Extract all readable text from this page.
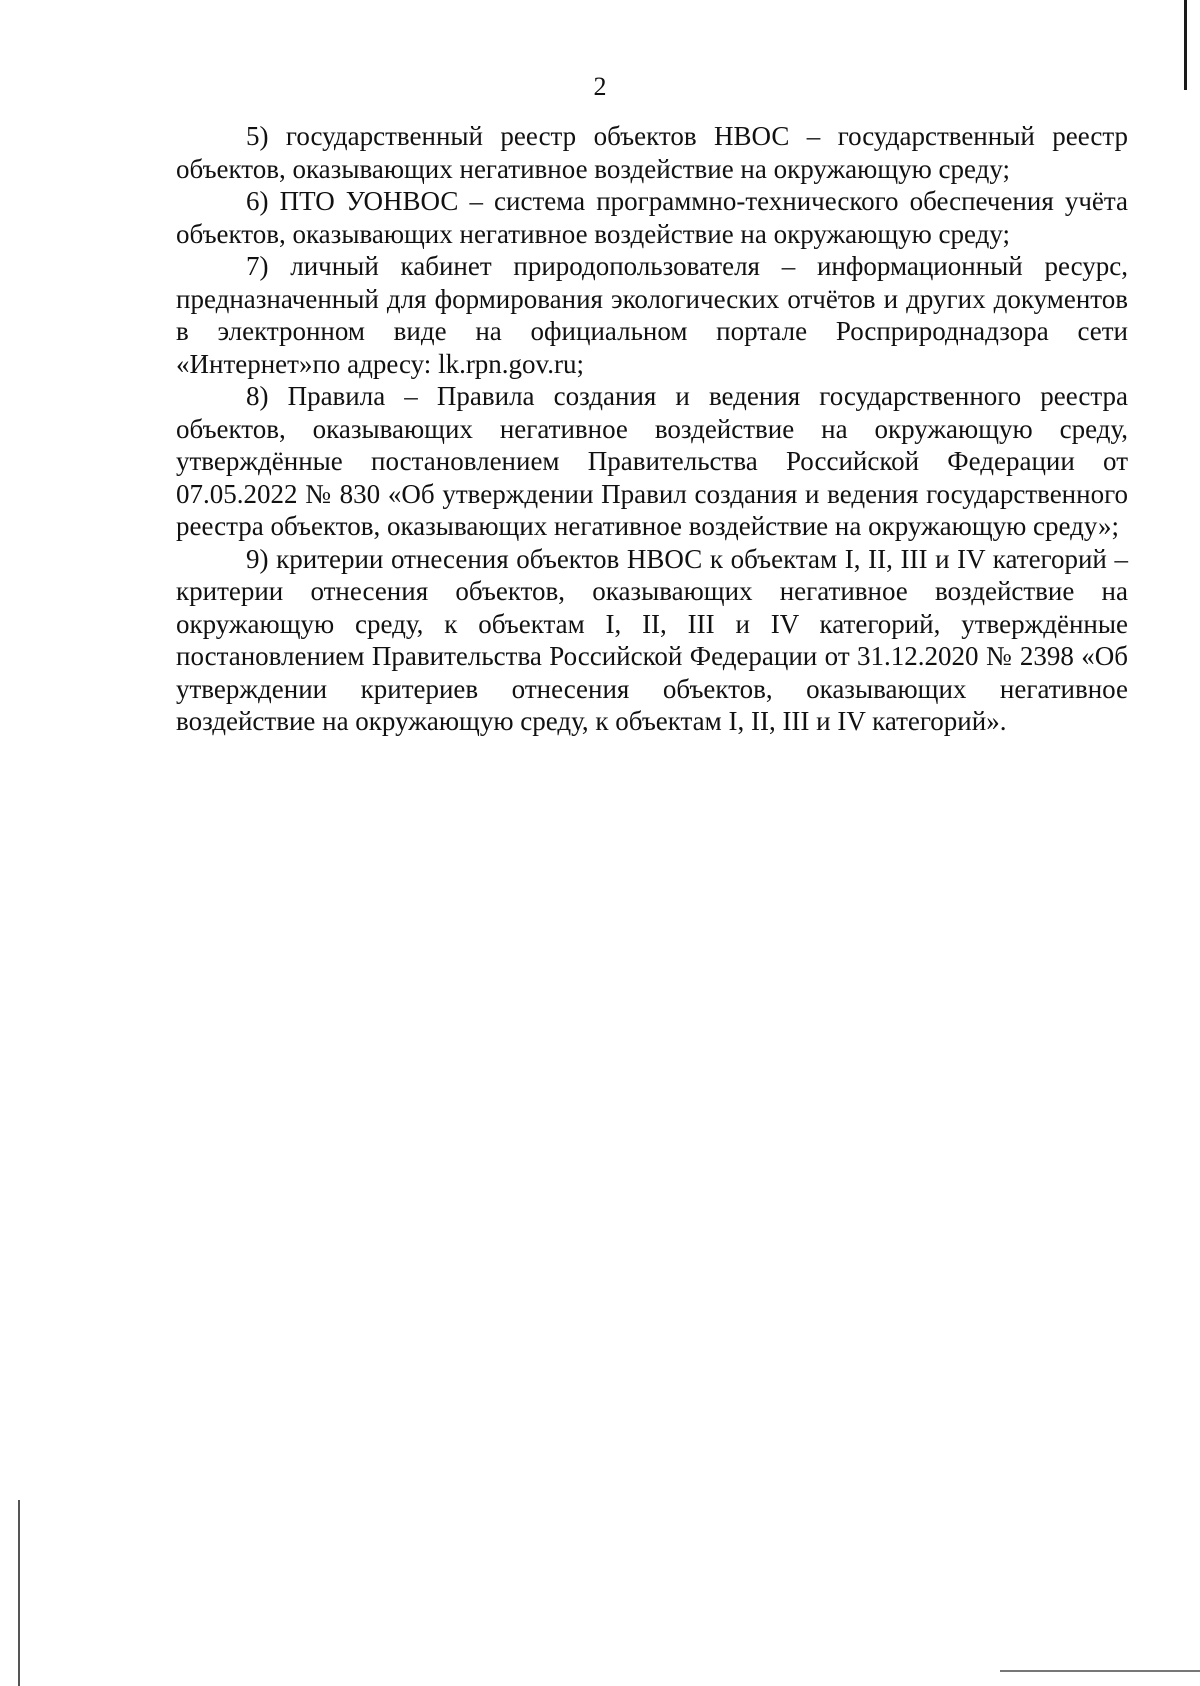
2

5) государственный реестр объектов НВОС – государственный реестр объектов, оказывающих негативное воздействие на окружающую среду;

6) ПТО УОНВОС – система программно-технического обеспечения учёта объектов, оказывающих негативное воздействие на окружающую среду;

7) личный кабинет природопользователя – информационный ресурс, предназначенный для формирования экологических отчётов и других документов в электронном виде на официальном портале Росприроднадзора сети «Интернет»по адресу: lk.rpn.gov.ru;

8) Правила – Правила создания и ведения государственного реестра объектов, оказывающих негативное воздействие на окружающую среду, утверждённые постановлением Правительства Российской Федерации от 07.05.2022 № 830 «Об утверждении Правил создания и ведения государственного реестра объектов, оказывающих негативное воздействие на окружающую среду»;

9) критерии отнесения объектов НВОС к объектам I, II, III и IV категорий – критерии отнесения объектов, оказывающих негативное воздействие на окружающую среду, к объектам I, II, III и IV категорий, утверждённые постановлением Правительства Российской Федерации от 31.12.2020 № 2398 «Об утверждении критериев отнесения объектов, оказывающих негативное воздействие на окружающую среду, к объектам I, II, III и IV категорий».
